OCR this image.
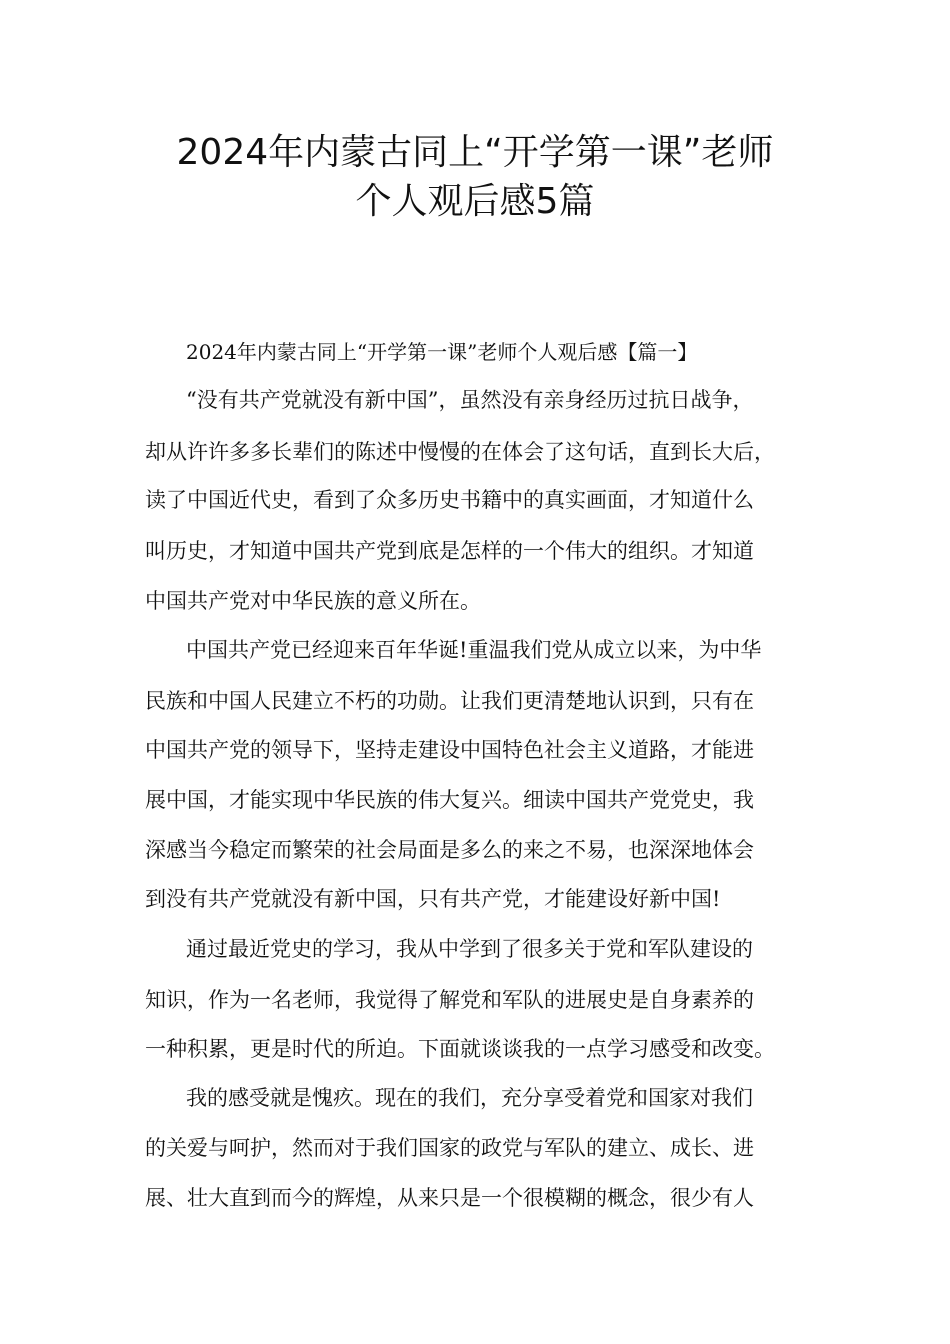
2024年内蒙古同上“开学第一课”老师
个人观后感5篇
2024年内蒙古同上“开学第一课”老师个人观后感【篇一】
“没有共产党就没有新中国”，虽然没有亲身经历过抗日战争，
却从许许多多长辈们的陈述中慢慢的在体会了这句话，直到长大后，
读了中国近代史，看到了众多历史书籍中的真实画面，才知道什么
叫历史，才知道中国共产党到底是怎样的一个伟大的组织。才知道
中国共产党对中华民族的意义所在。
中国共产党已经迎来百年华诞!重温我们党从成立以来，为中华
民族和中国人民建立不朽的功勋。让我们更清楚地认识到，只有在
中国共产党的领导下，坚持走建设中国特色社会主义道路，才能进
展中国，才能实现中华民族的伟大复兴。细读中国共产党党史，我
深感当今稳定而繁荣的社会局面是多么的来之不易，也深深地体会
到没有共产党就没有新中国，只有共产党，才能建设好新中国!
通过最近党史的学习，我从中学到了很多关于党和军队建设的
知识，作为一名老师，我觉得了解党和军队的进展史是自身素养的
一种积累，更是时代的所迫。下面就谈谈我的一点学习感受和改变。
我的感受就是愧疚。现在的我们，充分享受着党和国家对我们
的关爱与呵护，然而对于我们国家的政党与军队的建立、成长、进
展、壮大直到而今的辉煌，从来只是一个很模糊的概念，很少有人
